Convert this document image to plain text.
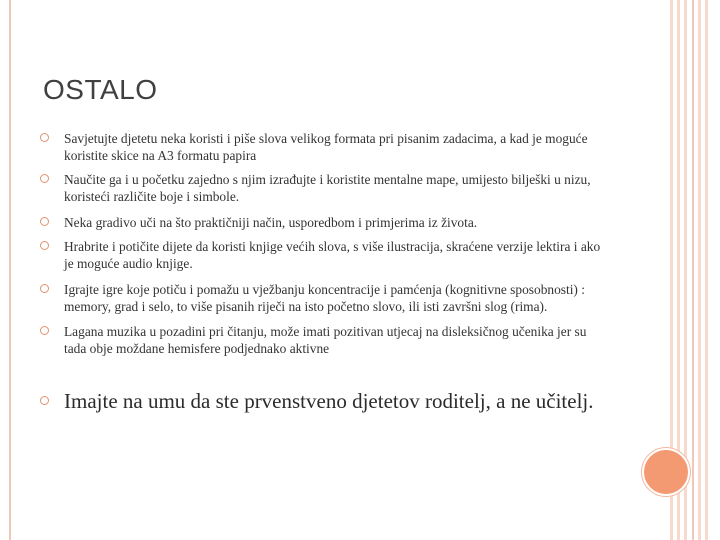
OSTALO
Savjetujte djetetu neka koristi i piše slova velikog formata pri pisanim zadacima, a kad je moguće koristite skice na A3 formatu papira
Naučite ga i u početku zajedno s njim izrađujte i koristite mentalne mape, umijesto bilješki u nizu, koristeći različite boje i simbole.
Neka gradivo uči na što praktičniji način, usporedbom i primjerima iz života.
Hrabrite i potičite dijete da koristi knjige većih slova, s više ilustracija, skraćene verzije lektira i ako je moguće audio knjige.
Igrajte igre koje potiču i pomažu u vježbanju koncentracije i pamćenja (kognitivne sposobnosti) : memory, grad i selo, to više pisanih riječi na isto početno slovo, ili isti završni slog (rima).
Lagana muzika u pozadini pri čitanju, može imati pozitivan utjecaj na disleksičnog učenika jer su tada obje moždane hemisfere podjednako aktivne
Imajte na umu da ste prvenstveno djetetov roditelj, a ne učitelj.
